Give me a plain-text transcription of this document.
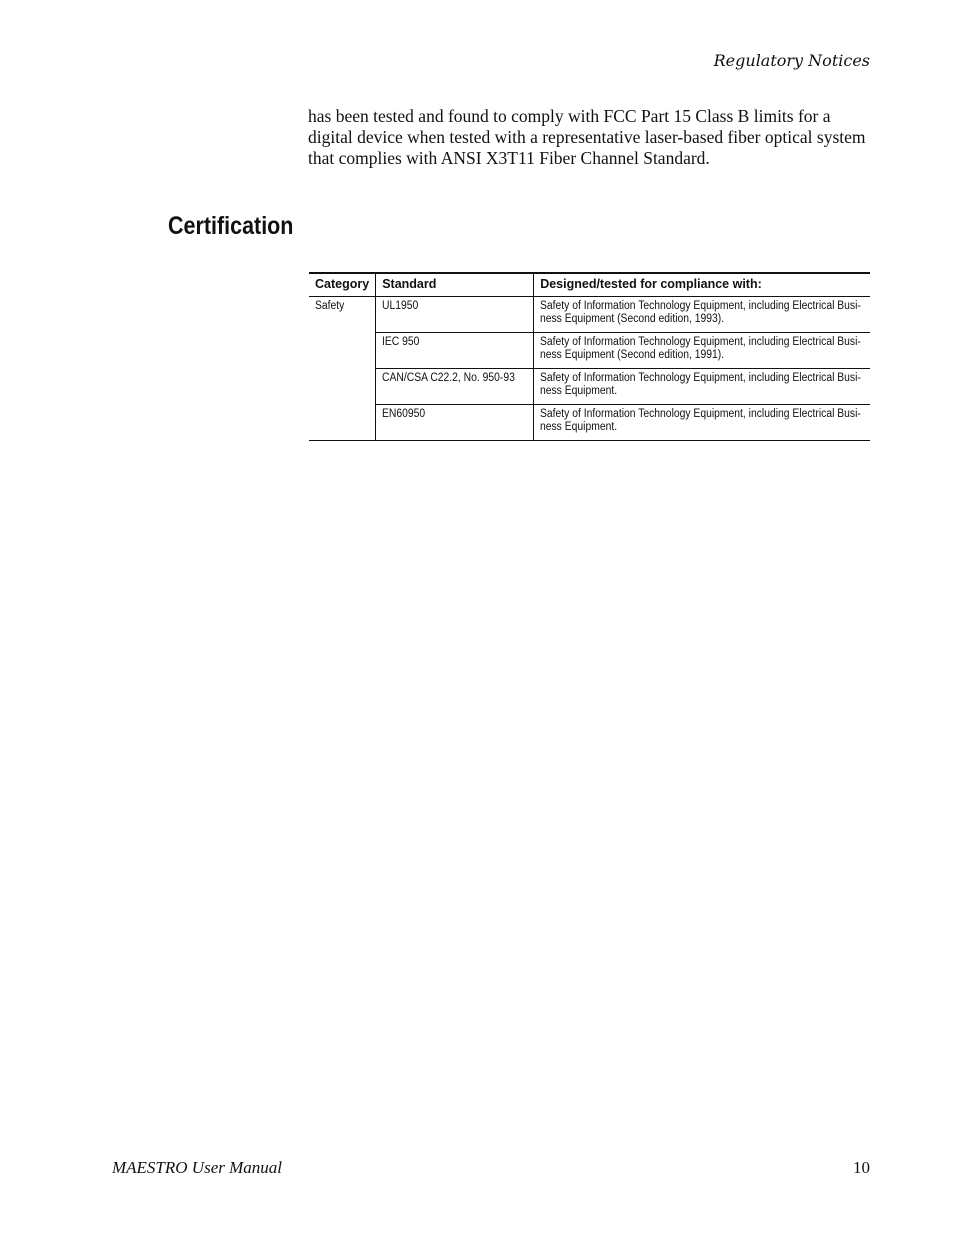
Regulatory Notices

has been tested and found to comply with FCC Part 15 Class B limits for a digital device when tested with a representative laser-based fiber optical system that complies with ANSI X3T11 Fiber Channel Standard.

Certification
Category	Standard	Designed/tested for compliance with:
Safety	UL1950	Safety of Information Technology Equipment, including Electrical Busi-ness Equipment (Second edition, 1993).
	IEC 950	Safety of Information Technology Equipment, including Electrical Busi-ness Equipment (Second edition, 1991).
	CAN/CSA C22.2, No. 950-93	Safety of Information Technology Equipment, including Electrical Busi-ness Equipment.
	EN60950	Safety of Information Technology Equipment, including Electrical Busi-ness Equipment.
MAESTRO User Manual	10
